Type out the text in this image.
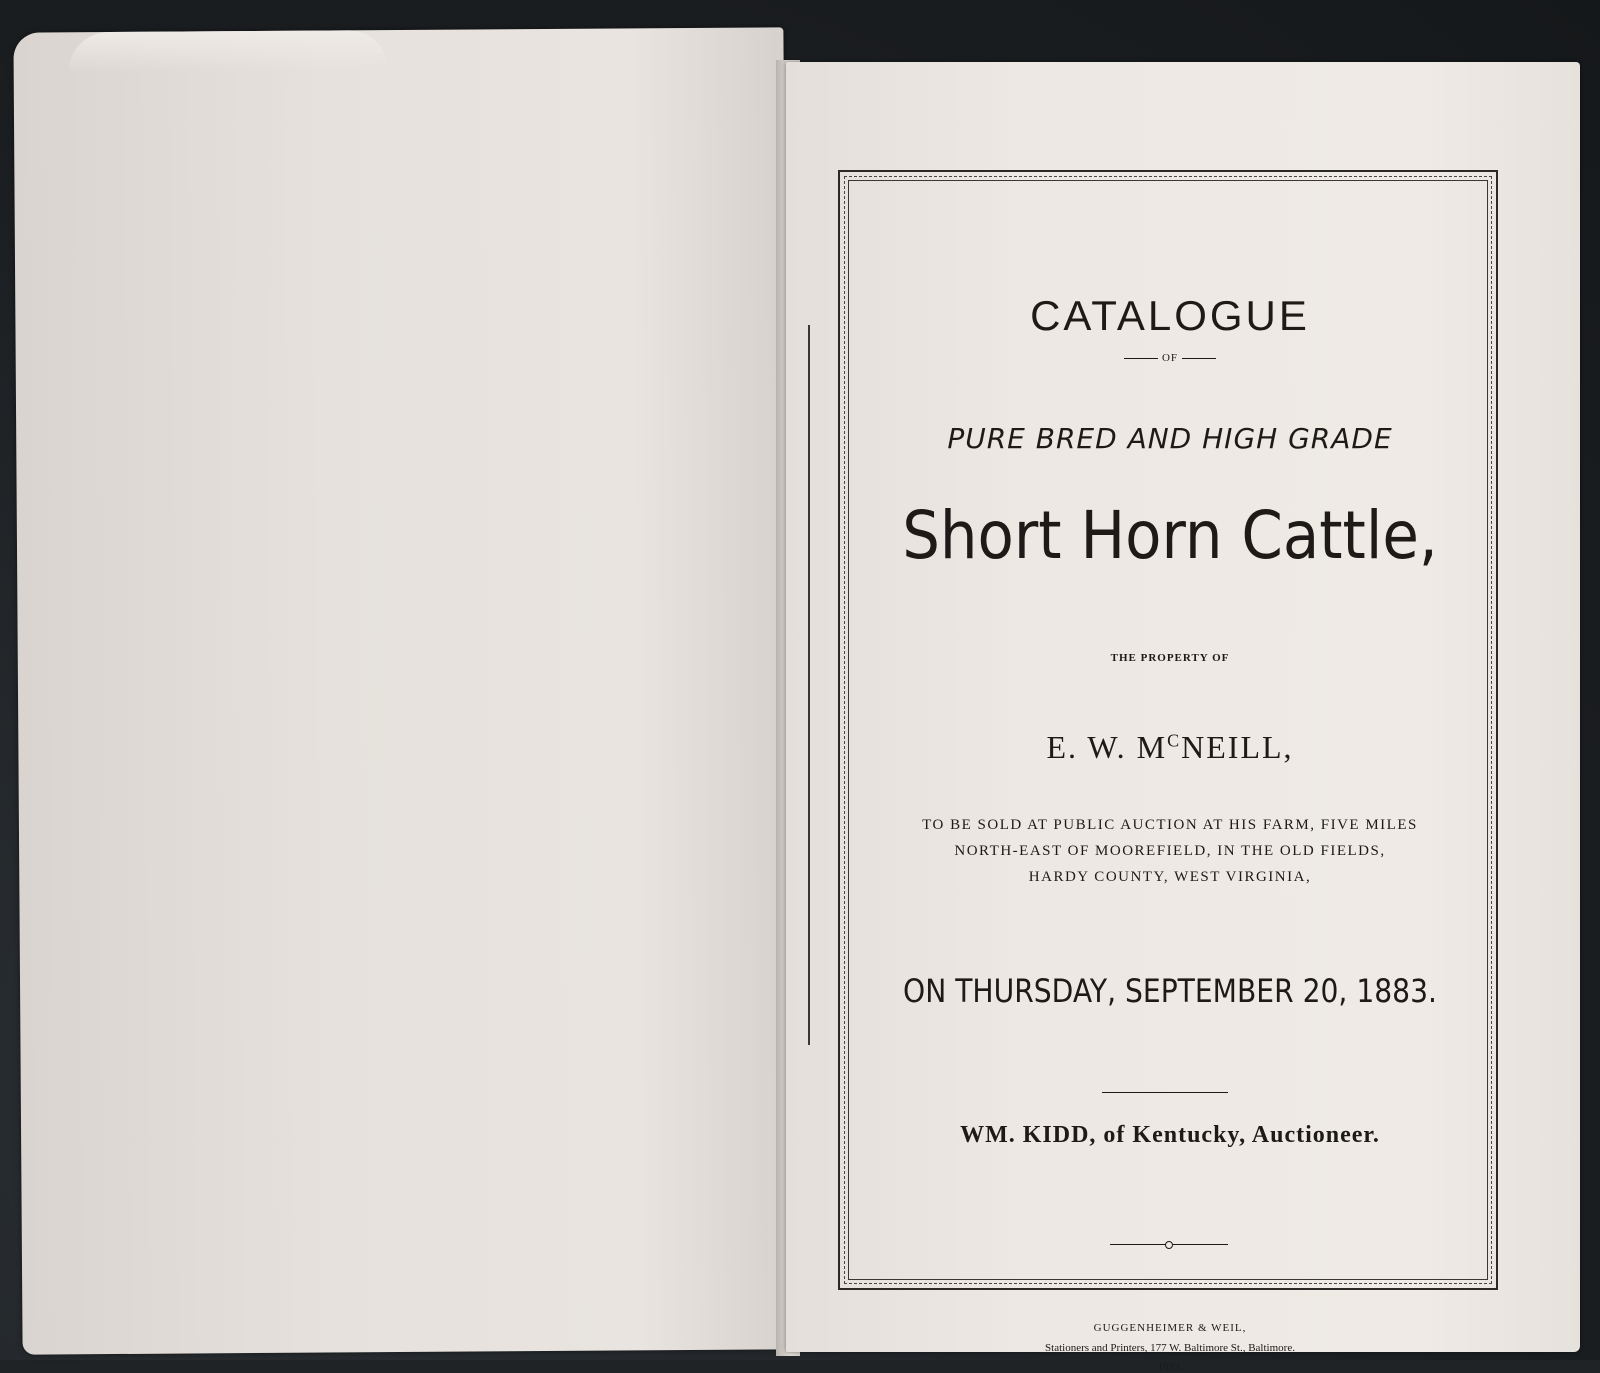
CATALOGUE
OF
PURE BRED AND HIGH GRADE
Short Horn Cattle,
THE PROPERTY OF
E. W. $M^CNEILL$,
TO BE SOLD AT PUBLIC AUCTION AT HIS FARM, FIVE MILES
NORTH-EAST OF MOOREFIELD, IN THE OLD FIELDS,
HARDY COUNTY, WEST VIRGINIA,
ON THURSDAY, SEPTEMBER 20, 1883.
WM. KIDD, of Kentucky, Auctioneer.
GUGGENHEIMER & WEIL,
Stationers and Printers, 177 W. Baltimore St., Baltimore.
1883.
